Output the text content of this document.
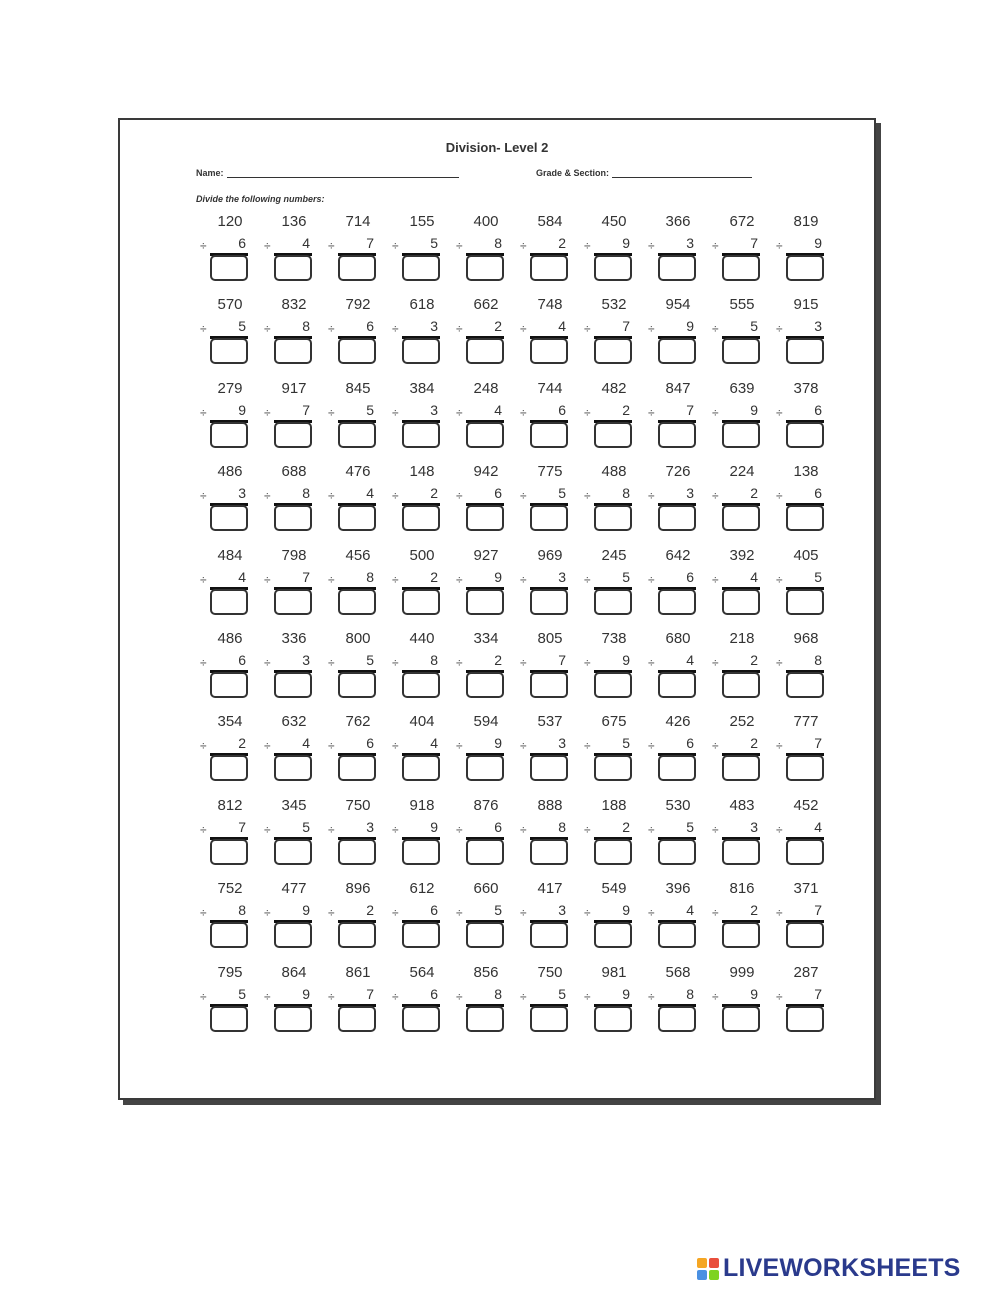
Division- Level 2
Name:	Grade & Section:
Divide the following numbers:
120
÷	6
136
÷	4
714
÷	7
155
÷	5
400
÷	8
584
÷	2
450
÷	9
366
÷	3
672
÷	7
819
÷	9
570
÷	5
832
÷	8
792
÷	6
618
÷	3
662
÷	2
748
÷	4
532
÷	7
954
÷	9
555
÷	5
915
÷	3
279
÷	9
917
÷	7
845
÷	5
384
÷	3
248
÷	4
744
÷	6
482
÷	2
847
÷	7
639
÷	9
378
÷	6
486
÷	3
688
÷	8
476
÷	4
148
÷	2
942
÷	6
775
÷	5
488
÷	8
726
÷	3
224
÷	2
138
÷	6
484
÷	4
798
÷	7
456
÷	8
500
÷	2
927
÷	9
969
÷	3
245
÷	5
642
÷	6
392
÷	4
405
÷	5
486
÷	6
336
÷	3
800
÷	5
440
÷	8
334
÷	2
805
÷	7
738
÷	9
680
÷	4
218
÷	2
968
÷	8
354
÷	2
632
÷	4
762
÷	6
404
÷	4
594
÷	9
537
÷	3
675
÷	5
426
÷	6
252
÷	2
777
÷	7
812
÷	7
345
÷	5
750
÷	3
918
÷	9
876
÷	6
888
÷	8
188
÷	2
530
÷	5
483
÷	3
452
÷	4
752
÷	8
477
÷	9
896
÷	2
612
÷	6
660
÷	5
417
÷	3
549
÷	9
396
÷	4
816
÷	2
371
÷	7
795
÷	5
864
÷	9
861
÷	7
564
÷	6
856
÷	8
750
÷	5
981
÷	9
568
÷	8
999
÷	9
287
÷	7
LIVEWORKSHEETS
